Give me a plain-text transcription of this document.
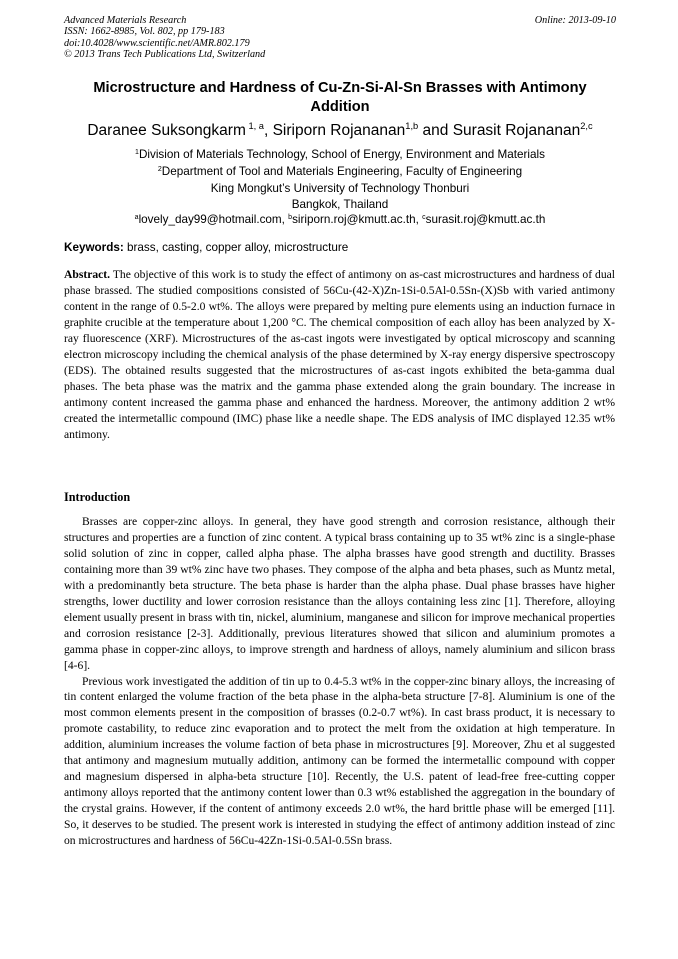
Advanced Materials Research
ISSN: 1662-8985, Vol. 802, pp 179-183
doi:10.4028/www.scientific.net/AMR.802.179
© 2013 Trans Tech Publications Ltd, Switzerland
Online: 2013-09-10
Microstructure and Hardness of Cu-Zn-Si-Al-Sn Brasses with Antimony Addition
Daranee Suksongkarm $^{1, a}$, Siriporn Rojananan$^{1,b}$ and Surasit Rojananan$^{2,c}$
$^1$Division of Materials Technology, School of Energy, Environment and Materials
$^2$Department of Tool and Materials Engineering, Faculty of Engineering
King Mongkut’s University of Technology Thonburi
Bangkok, Thailand
$^a$lovely_day99@hotmail.com, $^b$siriporn.roj@kmutt.ac.th, $^c$surasit.roj@kmutt.ac.th
Keywords: brass, casting, copper alloy, microstructure

Abstract. The objective of this work is to study the effect of antimony on as-cast microstructures and hardness of dual phase brassed. The studied compositions consisted of 56Cu-(42-X)Zn-1Si-0.5Al-0.5Sn-(X)Sb with varied antimony content in the range of 0.5-2.0 wt%. The alloys were prepared by melting pure elements using an induction furnace in graphite crucible at the temperature about 1,200 °C. The chemical composition of each alloy has been analyzed by X-ray fluorescence (XRF). Microstructures of the as-cast ingots were investigated by optical microscopy and scanning electron microscopy including the chemical analysis of the phase determined by X-ray energy dispersive spectroscopy (EDS). The obtained results suggested that the microstructures of as-cast ingots exhibited the beta-gamma dual phases. The beta phase was the matrix and the gamma phase extended along the grain boundary. The increase in antimony content increased the gamma phase and enhanced the hardness. Moreover, the antimony addition 2 wt% created the intermetallic compound (IMC) phase like a needle shape. The EDS analysis of IMC displayed 12.35 wt% antimony.

Introduction

Brasses are copper-zinc alloys. In general, they have good strength and corrosion resistance, although their structures and properties are a function of zinc content. A typical brass containing up to 35 wt% zinc is a single-phase solid solution of zinc in copper, called alpha phase. The alpha brasses have good strength and ductility. Brasses containing more than 39 wt% zinc have two phases. They compose of the alpha and beta phases, such as Muntz metal, with a predominantly beta structure. The beta phase is harder than the alpha phase. Dual phase brasses have higher strengths, lower ductility and lower corrosion resistance than the alloys containing less zinc [1]. Therefore, alloying element usually present in brass with tin, nickel, aluminium, manganese and silicon for improve mechanical properties and corrosion resistance [2-3]. Additionally, previous literatures showed that silicon and aluminium promotes a gamma phase in copper-zinc alloys, to improve strength and hardness of alloys, namely aluminium and silicon brass [4-6].

Previous work investigated the addition of tin up to 0.4-5.3 wt% in the copper-zinc binary alloys, the increasing of tin content enlarged the volume fraction of the beta phase in the alpha-beta structure [7-8]. Aluminium is one of the most common elements present in the composition of brasses (0.2-0.7 wt%). In cast brass product, it is necessary to promote castability, to reduce zinc evaporation and to protect the melt from the oxidation at high temperature. In addition, aluminium increases the volume faction of beta phase in microstructures [9]. Moreover, Zhu et al suggested that antimony and magnesium mutually addition, antimony can be formed the intermetallic compound with copper and magnesium dispersed in alpha-beta structure [10]. Recently, the U.S. patent of lead-free free-cutting copper antimony alloys reported that the antimony content lower than 0.3 wt% established the aggregation in the boundary of the crystal grains. However, if the content of antimony exceeds 2.0 wt%, the hard brittle phase will be emerged [11]. So, it deserves to be studied. The present work is interested in studying the effect of antimony addition instead of zinc on microstructures and hardness of 56Cu-42Zn-1Si-0.5Al-0.5Sn brass.
